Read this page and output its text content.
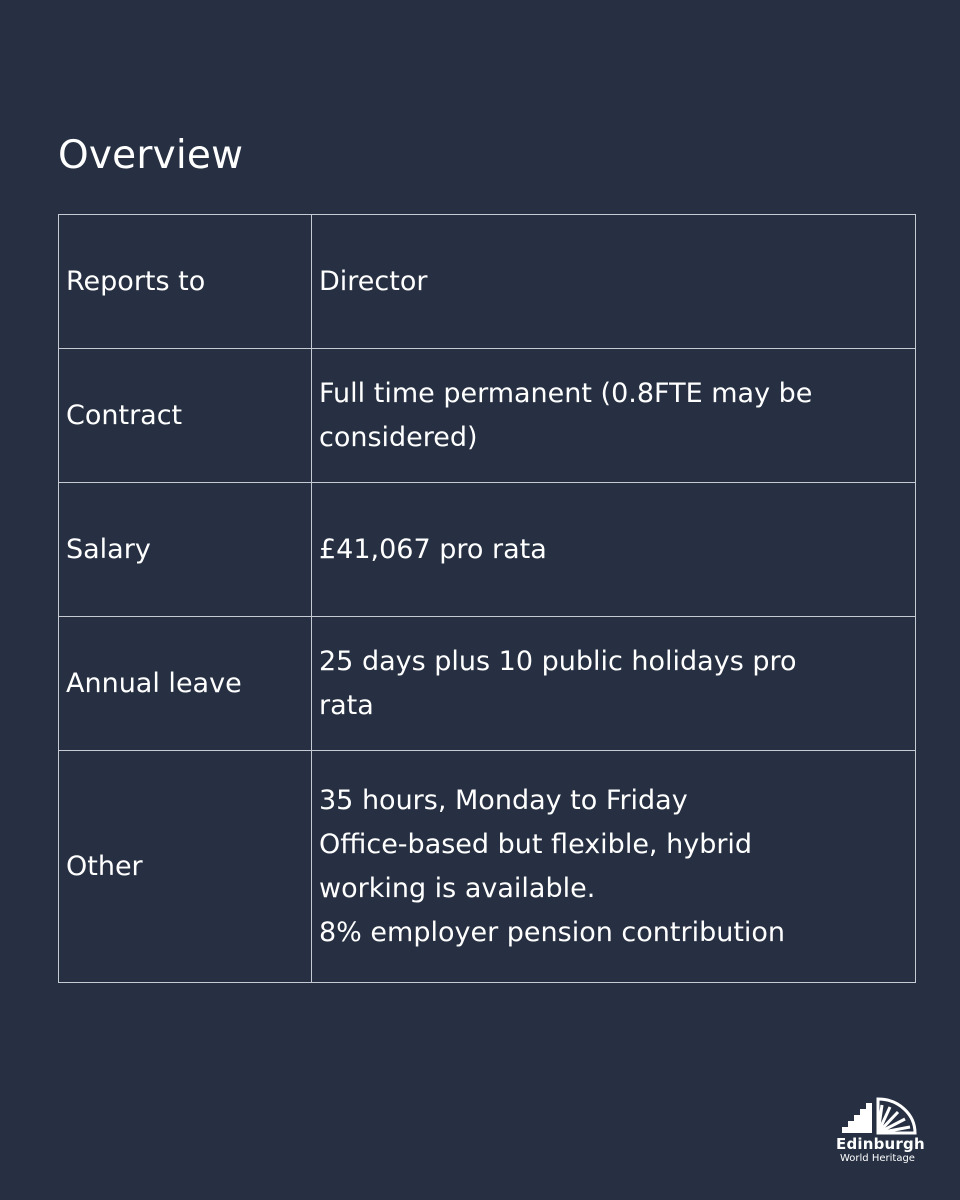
Overview
Reports to	Director

Contract	Full time permanent (0.8FTE may be
considered)

Salary	£41,067 pro rata

Annual leave	25 days plus 10 public holidays pro
rata

Other	35 hours, Monday to Friday
Office-based but flexible, hybrid
working is available.
8% employer pension contribution
Edinburgh
World Heritage
